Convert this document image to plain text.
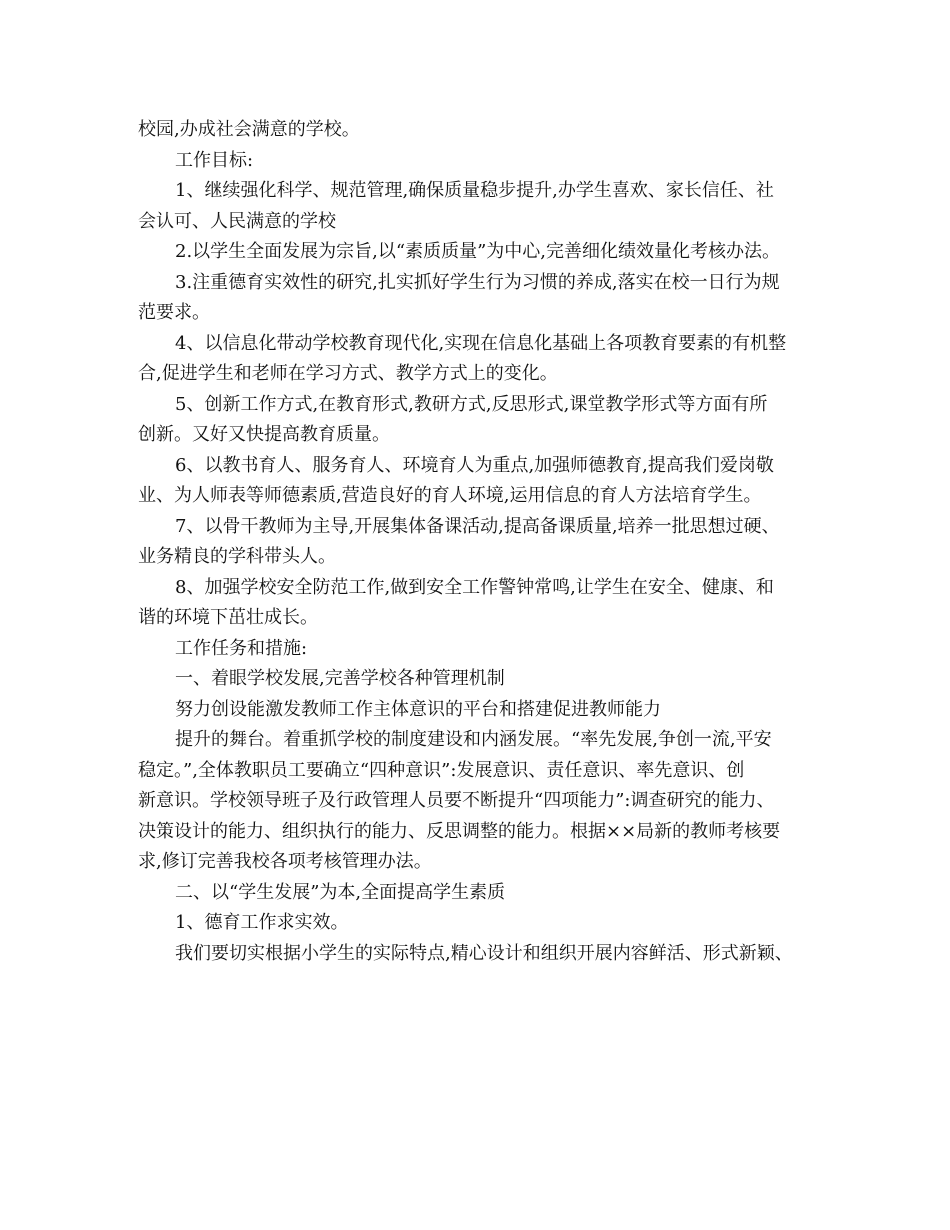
校园,办成社会满意的学校。
工作目标:
1、继续强化科学、规范管理,确保质量稳步提升,办学生喜欢、家长信任、社
会认可、人民满意的学校
2.以学生全面发展为宗旨,以“素质质量”为中心,完善细化绩效量化考核办法。
3.注重德育实效性的研究,扎实抓好学生行为习惯的养成,落实在校一日行为规
范要求。
4、以信息化带动学校教育现代化,实现在信息化基础上各项教育要素的有机整
合,促进学生和老师在学习方式、教学方式上的变化。
5、创新工作方式,在教育形式,教研方式,反思形式,课堂教学形式等方面有所
创新。又好又快提高教育质量。
6、以教书育人、服务育人、环境育人为重点,加强师德教育,提高我们爱岗敬
业、为人师表等师德素质,营造良好的育人环境,运用信息的育人方法培育学生。
7、以骨干教师为主导,开展集体备课活动,提高备课质量,培养一批思想过硬、
业务精良的学科带头人。
8、加强学校安全防范工作,做到安全工作警钟常鸣,让学生在安全、健康、和
谐的环境下茁壮成长。
工作任务和措施:
一、着眼学校发展,完善学校各种管理机制
努力创设能激发教师工作主体意识的平台和搭建促进教师能力
提升的舞台。着重抓学校的制度建设和内涵发展。“率先发展,争创一流,平安
稳定。”,全体教职员工要确立“四种意识”:发展意识、责任意识、率先意识、创
新意识。学校领导班子及行政管理人员要不断提升“四项能力”:调查研究的能力、
决策设计的能力、组织执行的能力、反思调整的能力。根据××局新的教师考核要
求,修订完善我校各项考核管理办法。
二、以“学生发展”为本,全面提高学生素质
1、德育工作求实效。
我们要切实根据小学生的实际特点,精心设计和组织开展内容鲜活、形式新颖、
